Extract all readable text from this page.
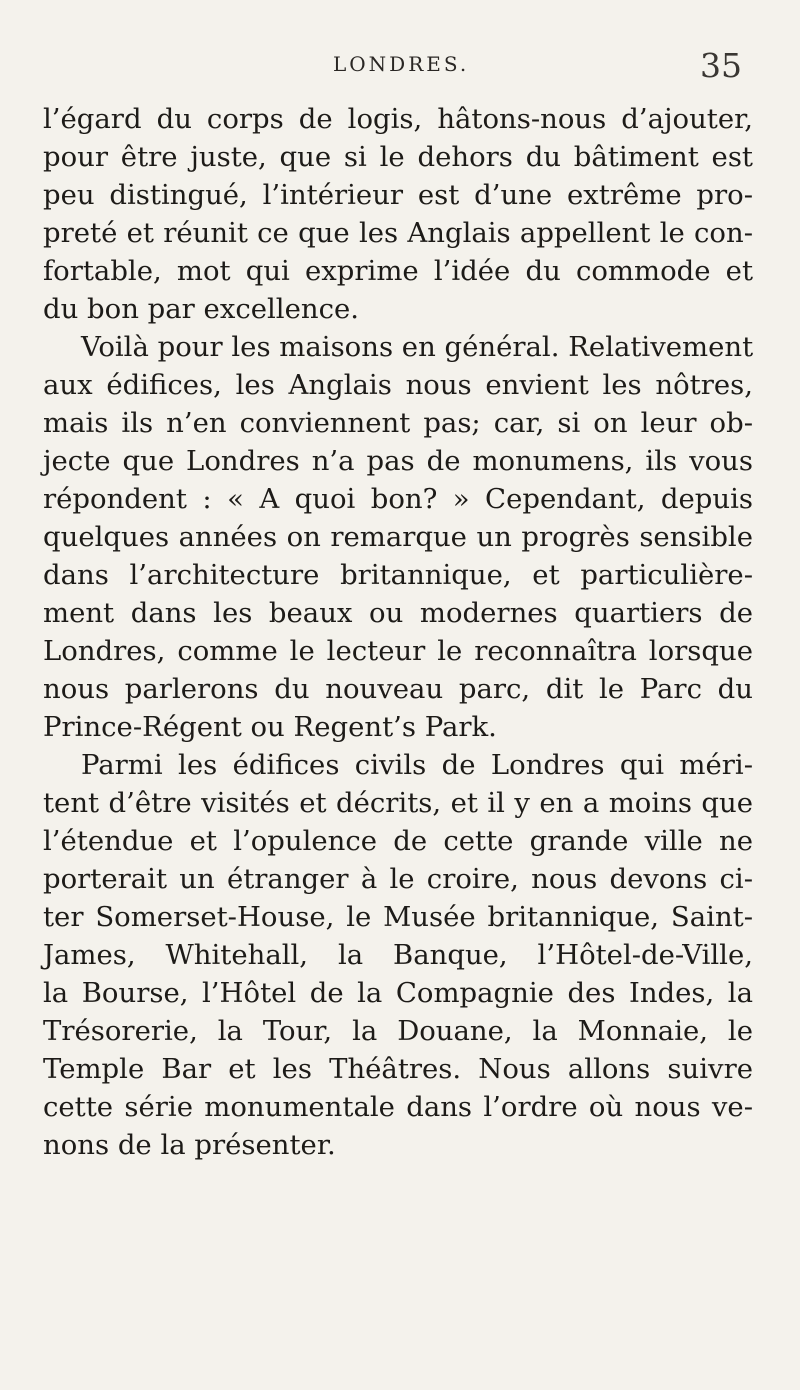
LONDRES.	35
l’égard du corps de logis, hâtons-nous d’ajouter,
pour être juste, que si le dehors du bâtiment est
peu distingué, l’intérieur est d’une extrême pro-
preté et réunit ce que les Anglais appellent le con-
fortable, mot qui exprime l’idée du commode et
du bon par excellence.
Voilà pour les maisons en général. Relativement
aux édifices, les Anglais nous envient les nôtres,
mais ils n’en conviennent pas; car, si on leur ob-
jecte que Londres n’a pas de monumens, ils vous
répondent : « A quoi bon? » Cependant, depuis
quelques années on remarque un progrès sensible
dans l’architecture britannique, et particulière-
ment dans les beaux ou modernes quartiers de
Londres, comme le lecteur le reconnaîtra lorsque
nous parlerons du nouveau parc, dit le Parc du
Prince-Régent ou Regent’s Park.
Parmi les édifices civils de Londres qui méri-
tent d’être visités et décrits, et il y en a moins que
l’étendue et l’opulence de cette grande ville ne
porterait un étranger à le croire, nous devons ci-
ter Somerset-House, le Musée britannique, Saint-
James, Whitehall, la Banque, l’Hôtel-de-Ville,
la Bourse, l’Hôtel de la Compagnie des Indes, la
Trésorerie, la Tour, la Douane, la Monnaie, le
Temple Bar et les Théâtres. Nous allons suivre
cette série monumentale dans l’ordre où nous ve-
nons de la présenter.
